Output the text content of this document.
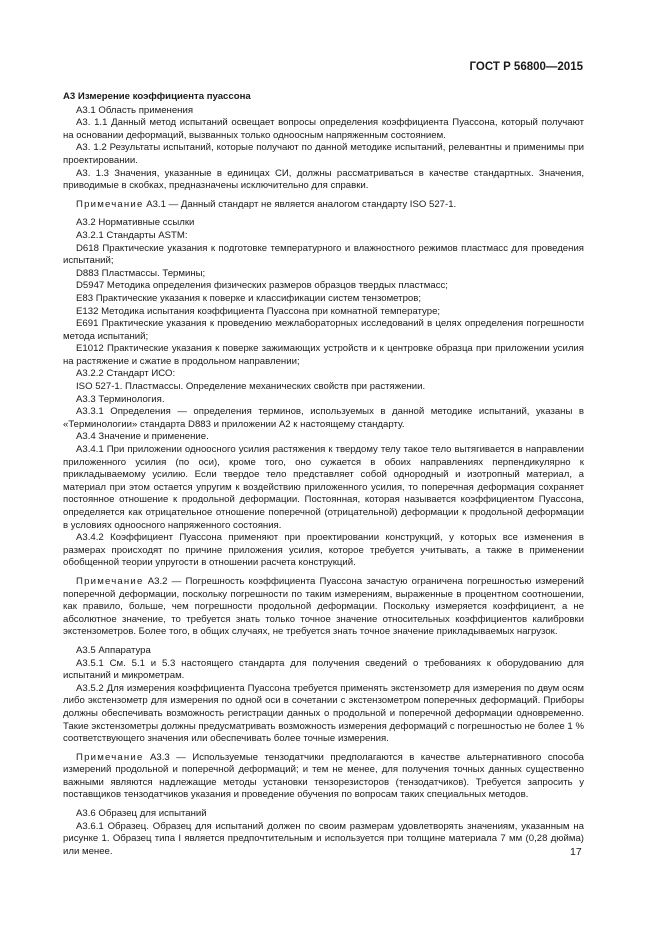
ГОСТ Р 56800—2015
А3 Измерение коэффициента пуассона

А3.1 Область применения

А3. 1.1 Данный метод испытаний освещает вопросы определения коэффициента Пуассона, который получают на основании деформаций, вызванных только одноосным напряженным состоянием.

А3. 1.2 Результаты испытаний, которые получают по данной методике испытаний, релевантны и применимы при проектировании.

А3. 1.3 Значения, указанные в единицах СИ, должны рассматриваться в качестве стандартных. Значения, приводимые в скобках, предназначены исключительно для справки.

Примечание А3.1 — Данный стандарт не является аналогом стандарту ISO 527-1.

А3.2 Нормативные ссылки

А3.2.1 Стандарты ASTM:

D618 Практические указания к подготовке температурного и влажностного режимов пластмасс для проведения испытаний;

D883 Пластмассы. Термины;

D5947 Методика определения физических размеров образцов твердых пластмасс;

E83 Практические указания к поверке и классификации систем тензометров;

E132 Методика испытания коэффициента Пуассона при комнатной температуре;

E691 Практические указания к проведению межлабораторных исследований в целях определения погрешности метода испытаний;

E1012 Практические указания к поверке зажимающих устройств и к центровке образца при приложении усилия на растяжение и сжатие в продольном направлении;

А3.2.2 Стандарт ИСО:

ISO 527-1. Пластмассы. Определение механических свойств при растяжении.

А3.3 Терминология.

А3.3.1 Определения — определения терминов, используемых в данной методике испытаний, указаны в «Терминологии» стандарта D883 и приложении А2 к настоящему стандарту.

А3.4 Значение и применение.

А3.4.1 При приложении одноосного усилия растяжения к твердому телу такое тело вытягивается в направлении приложенного усилия (по оси), кроме того, оно сужается в обоих направлениях перпендикулярно к прикладываемому усилию. Если твердое тело представляет собой однородный и изотропный материал, а материал при этом остается упругим к воздействию приложенного усилия, то поперечная деформация сохраняет постоянное отношение к продольной деформации. Постоянная, которая называется коэффициентом Пуассона, определяется как отрицательное отношение поперечной (отрицательной) деформации к продольной деформации в условиях одноосного напряженного состояния.

А3.4.2 Коэффициент Пуассона применяют при проектировании конструкций, у которых все изменения в размерах происходят по причине приложения усилия, которое требуется учитывать, а также в применении обобщенной теории упругости в отношении расчета конструкций.

Примечание А3.2 — Погрешность коэффициента Пуассона зачастую ограничена погрешностью измерений поперечной деформации, поскольку погрешности по таким измерениям, выраженные в процентном соотношении, как правило, больше, чем погрешности продольной деформации. Поскольку измеряется коэффициент, а не абсолютное значение, то требуется знать только точное значение относительных коэффициентов калибровки экстензометров. Более того, в общих случаях, не требуется знать точное значение прикладываемых нагрузок.

А3.5 Аппаратура

А3.5.1 См. 5.1 и 5.3 настоящего стандарта для получения сведений о требованиях к оборудованию для испытаний и микрометрам.

А3.5.2 Для измерения коэффициента Пуассона требуется применять экстензометр для измерения по двум осям либо экстензометр для измерения по одной оси в сочетании с экстензометром поперечных деформаций. Приборы должны обеспечивать возможность регистрации данных о продольной и поперечной деформации одновременно. Такие экстензометры должны предусматривать возможность измерения деформаций с погрешностью не более 1 % соответствующего значения или обеспечивать более точные измерения.

Примечание А3.3 — Используемые тензодатчики предполагаются в качестве альтернативного способа измерений продольной и поперечной деформаций; и тем не менее, для получения точных данных существенно важными являются надлежащие методы установки тензорезисторов (тензодатчиков). Требуется запросить у поставщиков тензодатчиков указания и проведение обучения по вопросам таких специальных методов.

А3.6 Образец для испытаний

А3.6.1 Образец. Образец для испытаний должен по своим размерам удовлетворять значениям, указанным на рисунке 1. Образец типа I является предпочтительным и используется при толщине материала 7 мм (0,28 дюйма) или менее.	17
